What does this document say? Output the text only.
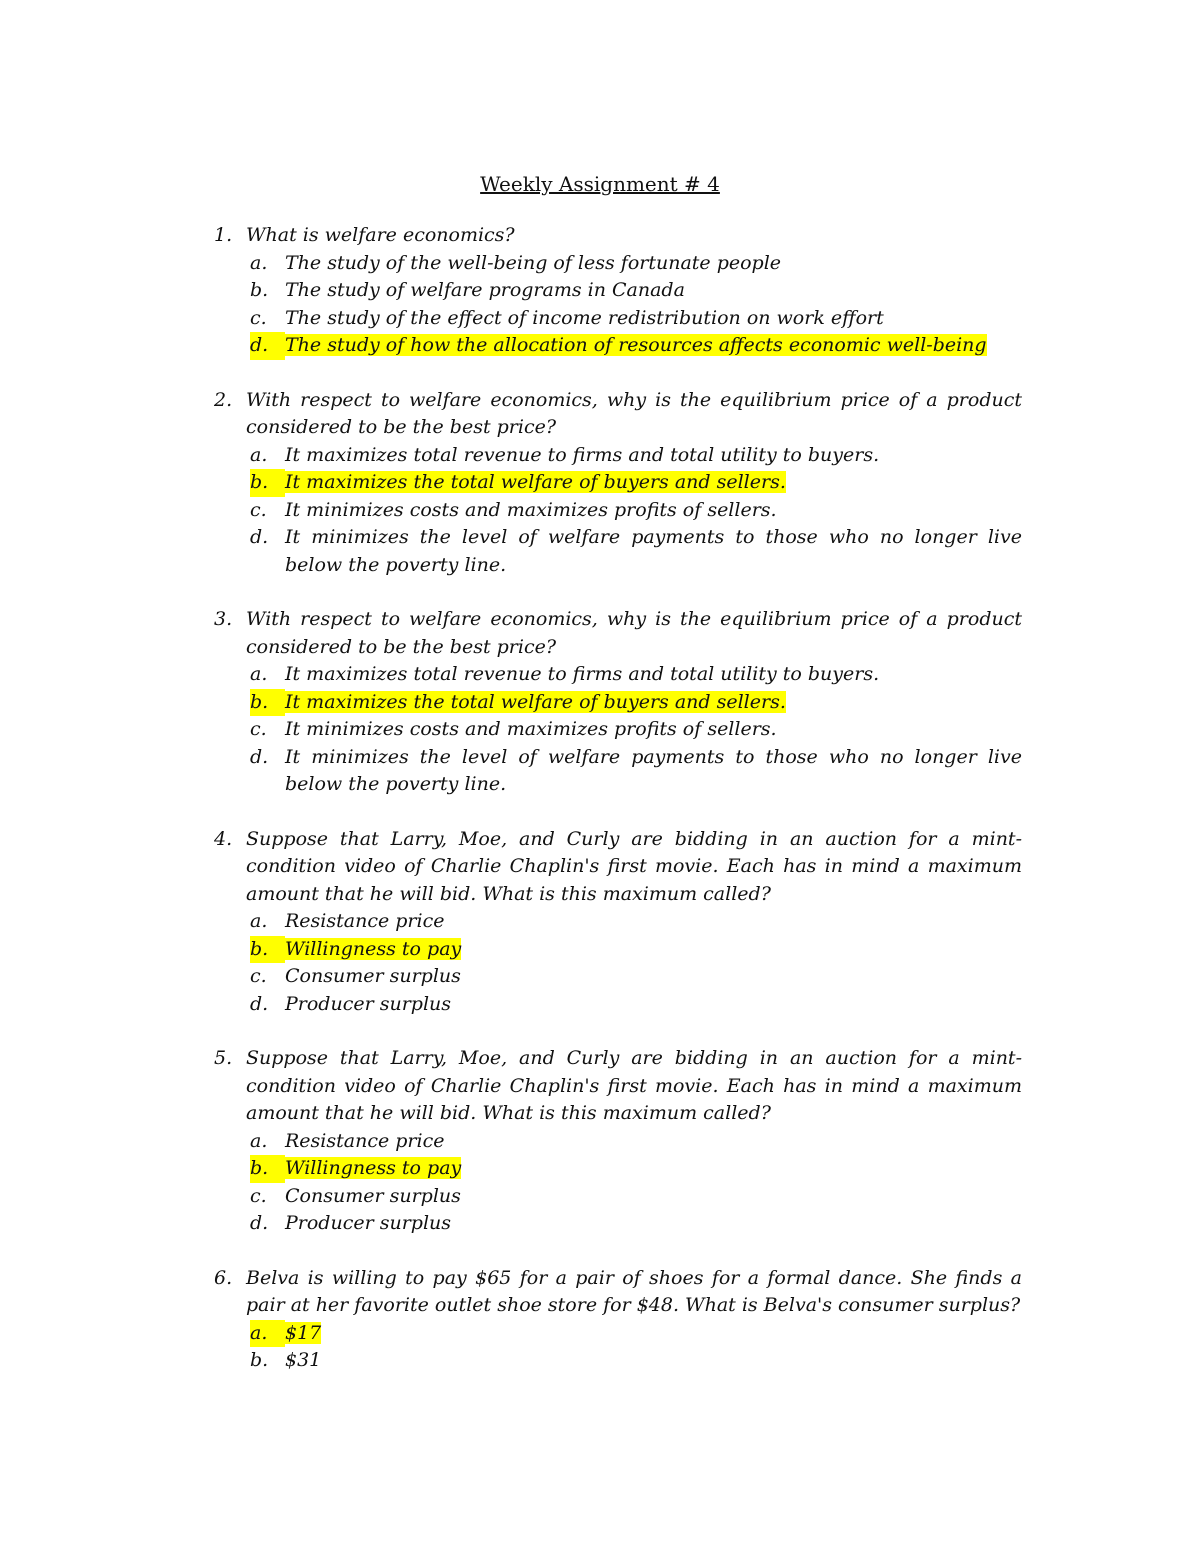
Weekly Assignment # 4
1. What is welfare economics?
a. The study of the well-being of less fortunate people
b. The study of welfare programs in Canada
c. The study of the effect of income redistribution on work effort
d. The study of how the allocation of resources affects economic well-being
2. With respect to welfare economics, why is the equilibrium price of a product considered to be the best price?
a. It maximizes total revenue to firms and total utility to buyers.
b. It maximizes the total welfare of buyers and sellers.
c. It minimizes costs and maximizes profits of sellers.
d. It minimizes the level of welfare payments to those who no longer live below the poverty line.
3. With respect to welfare economics, why is the equilibrium price of a product considered to be the best price?
a. It maximizes total revenue to firms and total utility to buyers.
b. It maximizes the total welfare of buyers and sellers.
c. It minimizes costs and maximizes profits of sellers.
d. It minimizes the level of welfare payments to those who no longer live below the poverty line.
4. Suppose that Larry, Moe, and Curly are bidding in an auction for a mint-condition video of Charlie Chaplin's first movie. Each has in mind a maximum amount that he will bid. What is this maximum called?
a. Resistance price
b. Willingness to pay
c. Consumer surplus
d. Producer surplus
5. Suppose that Larry, Moe, and Curly are bidding in an auction for a mint-condition video of Charlie Chaplin's first movie. Each has in mind a maximum amount that he will bid. What is this maximum called?
a. Resistance price
b. Willingness to pay
c. Consumer surplus
d. Producer surplus
6. Belva is willing to pay $65 for a pair of shoes for a formal dance. She finds a pair at her favorite outlet shoe store for $48. What is Belva's consumer surplus?
a. $17
b. $31
